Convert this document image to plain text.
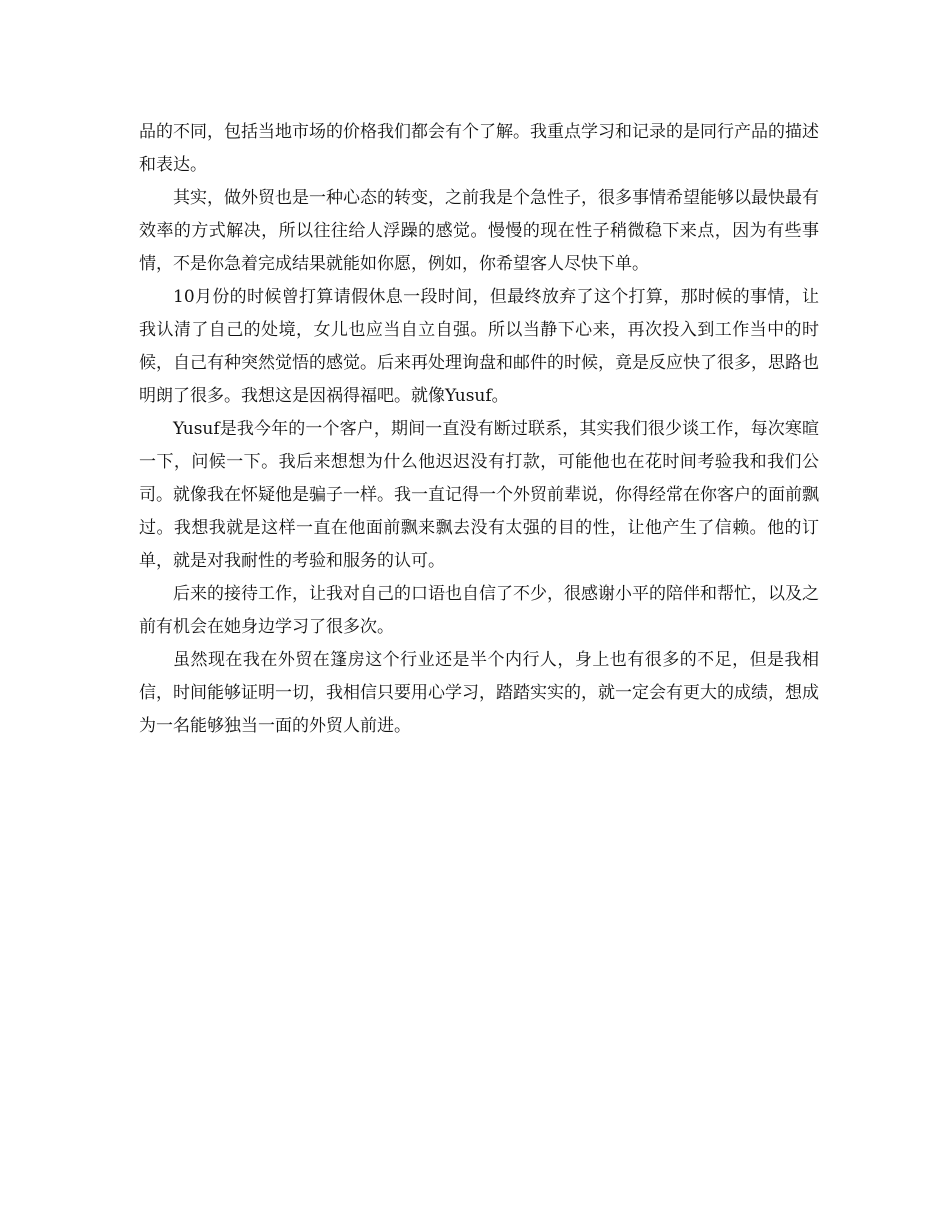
品的不同，包括当地市场的价格我们都会有个了解。我重点学习和记录的是同行产品的描述和表达。

其实，做外贸也是一种心态的转变，之前我是个急性子，很多事情希望能够以最快最有效率的方式解决，所以往往给人浮躁的感觉。慢慢的现在性子稍微稳下来点，因为有些事情，不是你急着完成结果就能如你愿，例如，你希望客人尽快下单。

10月份的时候曾打算请假休息一段时间，但最终放弃了这个打算，那时候的事情，让我认清了自己的处境，女儿也应当自立自强。所以当静下心来，再次投入到工作当中的时候，自己有种突然觉悟的感觉。后来再处理询盘和邮件的时候，竟是反应快了很多，思路也明朗了很多。我想这是因祸得福吧。就像Yusuf。

Yusuf是我今年的一个客户，期间一直没有断过联系，其实我们很少谈工作，每次寒暄一下，问候一下。我后来想想为什么他迟迟没有打款，可能他也在花时间考验我和我们公司。就像我在怀疑他是骗子一样。我一直记得一个外贸前辈说，你得经常在你客户的面前飘过。我想我就是这样一直在他面前飘来飘去没有太强的目的性，让他产生了信赖。他的订单，就是对我耐性的考验和服务的认可。

后来的接待工作，让我对自己的口语也自信了不少，很感谢小平的陪伴和帮忙，以及之前有机会在她身边学习了很多次。

虽然现在我在外贸在篷房这个行业还是半个内行人，身上也有很多的不足，但是我相信，时间能够证明一切，我相信只要用心学习，踏踏实实的，就一定会有更大的成绩，想成为一名能够独当一面的外贸人前进。
